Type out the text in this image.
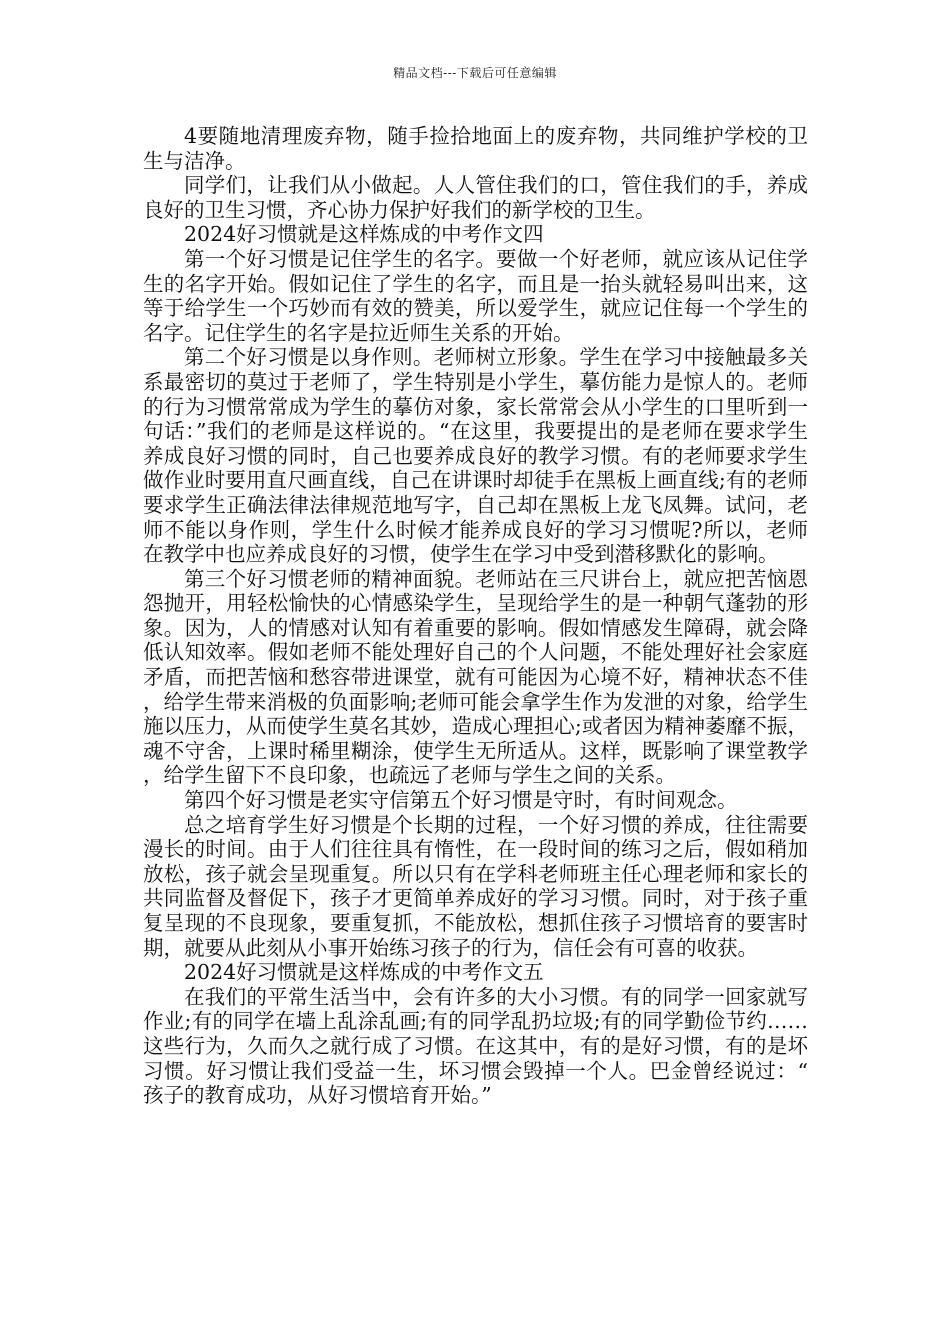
精品文档---下载后可任意编辑

4要随地清理废弃物，随手捡拾地面上的废弃物，共同维护学校的卫生与洁净。

同学们，让我们从小做起。人人管住我们的口，管住我们的手，养成良好的卫生习惯，齐心协力保护好我们的新学校的卫生。

2024好习惯就是这样炼成的中考作文四

第一个好习惯是记住学生的名字。要做一个好老师，就应该从记住学生的名字开始。假如记住了学生的名字，而且是一抬头就轻易叫出来，这等于给学生一个巧妙而有效的赞美，所以爱学生，就应记住每一个学生的名字。记住学生的名字是拉近师生关系的开始。

第二个好习惯是以身作则。老师树立形象。学生在学习中接触最多关系最密切的莫过于老师了，学生特别是小学生，摹仿能力是惊人的。老师的行为习惯常常成为学生的摹仿对象，家长常常会从小学生的口里听到一句话：”我们的老师是这样说的。“在这里，我要提出的是老师在要求学生养成良好习惯的同时，自己也要养成良好的教学习惯。有的老师要求学生做作业时要用直尺画直线，自己在讲课时却徒手在黑板上画直线;有的老师要求学生正确法律法律规范地写字，自己却在黑板上龙飞凤舞。试问，老师不能以身作则，学生什么时候才能养成良好的学习习惯呢?所以，老师在教学中也应养成良好的习惯，使学生在学习中受到潜移默化的影响。

第三个好习惯老师的精神面貌。老师站在三尺讲台上，就应把苦恼恩怨抛开，用轻松愉快的心情感染学生，呈现给学生的是一种朝气蓬勃的形象。因为，人的情感对认知有着重要的影响。假如情感发生障碍，就会降低认知效率。假如老师不能处理好自己的个人问题，不能处理好社会家庭矛盾，而把苦恼和愁容带进课堂，就有可能因为心境不好，精神状态不佳，给学生带来消极的负面影响;老师可能会拿学生作为发泄的对象，给学生施以压力，从而使学生莫名其妙，造成心理担心;或者因为精神萎靡不振，魂不守舍，上课时稀里糊涂，使学生无所适从。这样，既影响了课堂教学，给学生留下不良印象，也疏远了老师与学生之间的关系。

第四个好习惯是老实守信第五个好习惯是守时，有时间观念。

总之培育学生好习惯是个长期的过程，一个好习惯的养成，往往需要漫长的时间。由于人们往往具有惰性，在一段时间的练习之后，假如稍加放松，孩子就会呈现重复。所以只有在学科老师班主任心理老师和家长的共同监督及督促下，孩子才更简单养成好的学习习惯。同时，对于孩子重复呈现的不良现象，要重复抓，不能放松，想抓住孩子习惯培育的要害时期，就要从此刻从小事开始练习孩子的行为，信任会有可喜的收获。

2024好习惯就是这样炼成的中考作文五

在我们的平常生活当中，会有许多的大小习惯。有的同学一回家就写作业;有的同学在墙上乱涂乱画;有的同学乱扔垃圾;有的同学勤俭节约……这些行为，久而久之就行成了习惯。在这其中，有的是好习惯，有的是坏习惯。好习惯让我们受益一生，坏习惯会毁掉一个人。巴金曾经说过：“孩子的教育成功，从好习惯培育开始。”
